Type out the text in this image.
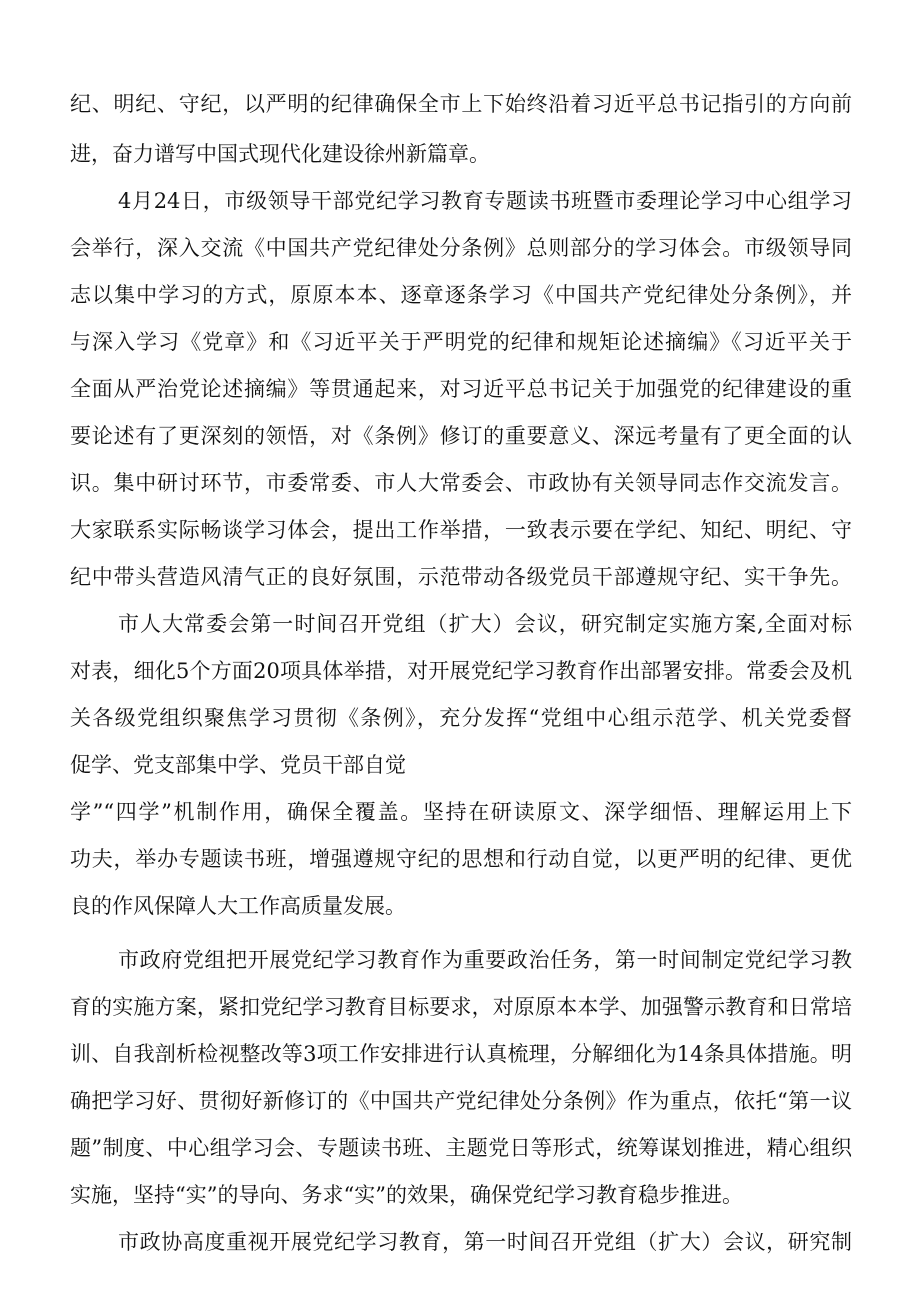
纪、明纪、守纪，以严明的纪律确保全市上下始终沿着习近平总书记指引的方向前

进，奋力谱写中国式现代化建设徐州新篇章。

4月24日，市级领导干部党纪学习教育专题读书班暨市委理论学习中心组学习

会举行，深入交流《中国共产党纪律处分条例》总则部分的学习体会。市级领导同

志以集中学习的方式，原原本本、逐章逐条学习《中国共产党纪律处分条例》，并

与深入学习《党章》和《习近平关于严明党的纪律和规矩论述摘编》《习近平关于

全面从严治党论述摘编》等贯通起来，对习近平总书记关于加强党的纪律建设的重

要论述有了更深刻的领悟，对《条例》修订的重要意义、深远考量有了更全面的认

识。集中研讨环节，市委常委、市人大常委会、市政协有关领导同志作交流发言。

大家联系实际畅谈学习体会，提出工作举措，一致表示要在学纪、知纪、明纪、守

纪中带头营造风清气正的良好氛围，示范带动各级党员干部遵规守纪、实干争先。

市人大常委会第一时间召开党组（扩大）会议，研究制定实施方案,全面对标

对表，细化5个方面20项具体举措，对开展党纪学习教育作出部署安排。常委会及机

关各级党组织聚焦学习贯彻《条例》，充分发挥“党组中心组示范学、机关党委督

促学、党支部集中学、党员干部自觉

学”“四学”机制作用，确保全覆盖。坚持在研读原文、深学细悟、理解运用上下

功夫，举办专题读书班，增强遵规守纪的思想和行动自觉，以更严明的纪律、更优

良的作风保障人大工作高质量发展。

市政府党组把开展党纪学习教育作为重要政治任务，第一时间制定党纪学习教

育的实施方案，紧扣党纪学习教育目标要求，对原原本本学、加强警示教育和日常培

训、自我剖析检视整改等3项工作安排进行认真梳理，分解细化为14条具体措施。明

确把学习好、贯彻好新修订的《中国共产党纪律处分条例》作为重点，依托“第一议

题”制度、中心组学习会、专题读书班、主题党日等形式，统筹谋划推进，精心组织

实施，坚持“实”的导向、务求“实”的效果，确保党纪学习教育稳步推进。

市政协高度重视开展党纪学习教育，第一时间召开党组（扩大）会议，研究制
